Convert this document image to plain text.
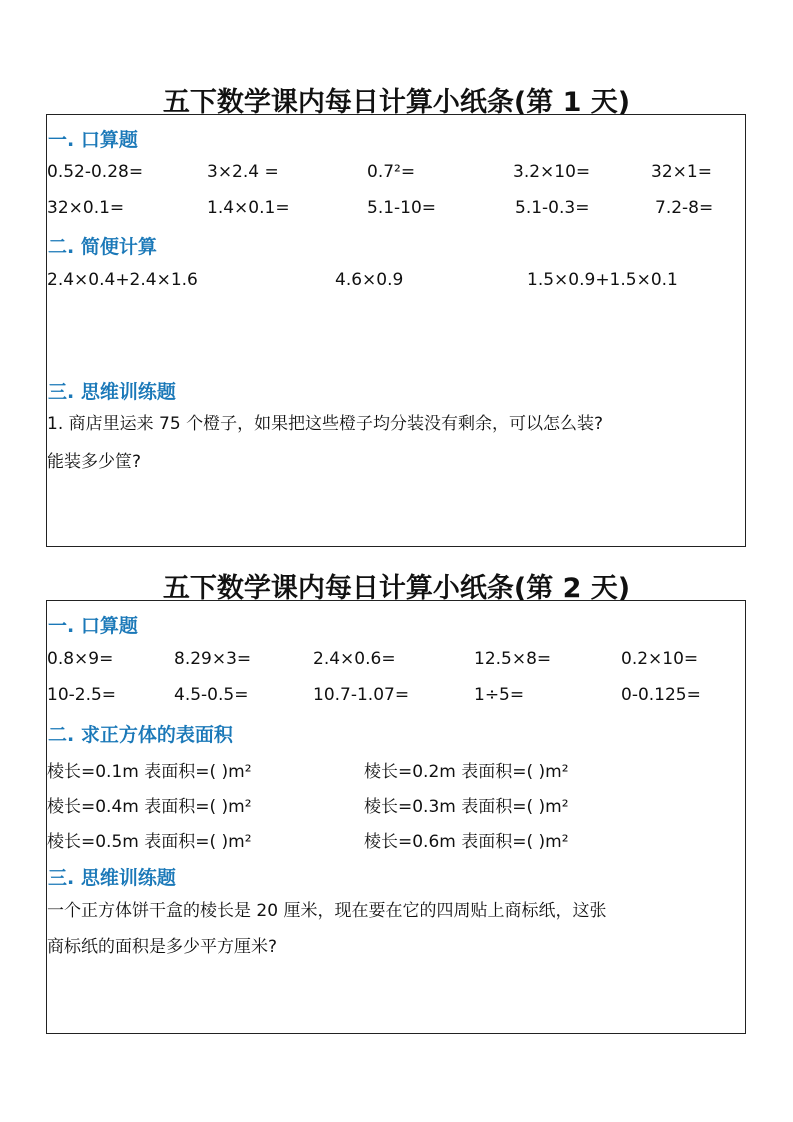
五下数学课内每日计算小纸条(第 1 天)
一. 口算题
0.52-0.28=	3×2.4 =	0.7²=	3.2×10=	32×1=
32×0.1=	1.4×0.1=	5.1-10=	5.1-0.3=	7.2-8=
二. 简便计算
2.4×0.4+2.4×1.6	4.6×0.9	1.5×0.9+1.5×0.1
三. 思维训练题
1. 商店里运来 75 个橙子，如果把这些橙子均分装没有剩余，可以怎么装?
能装多少筐?
五下数学课内每日计算小纸条(第 2 天)
一. 口算题
0.8×9=	8.29×3=	2.4×0.6=	12.5×8=	0.2×10=
10-2.5=	4.5-0.5=	10.7-1.07=	1÷5=	0-0.125=
二. 求正方体的表面积
棱长=0.1m 表面积=( )m²	棱长=0.2m 表面积=( )m²
棱长=0.4m 表面积=( )m²	棱长=0.3m 表面积=( )m²
棱长=0.5m 表面积=( )m²	棱长=0.6m 表面积=( )m²
三. 思维训练题
一个正方体饼干盒的棱长是 20 厘米，现在要在它的四周贴上商标纸，这张
商标纸的面积是多少平方厘米?
